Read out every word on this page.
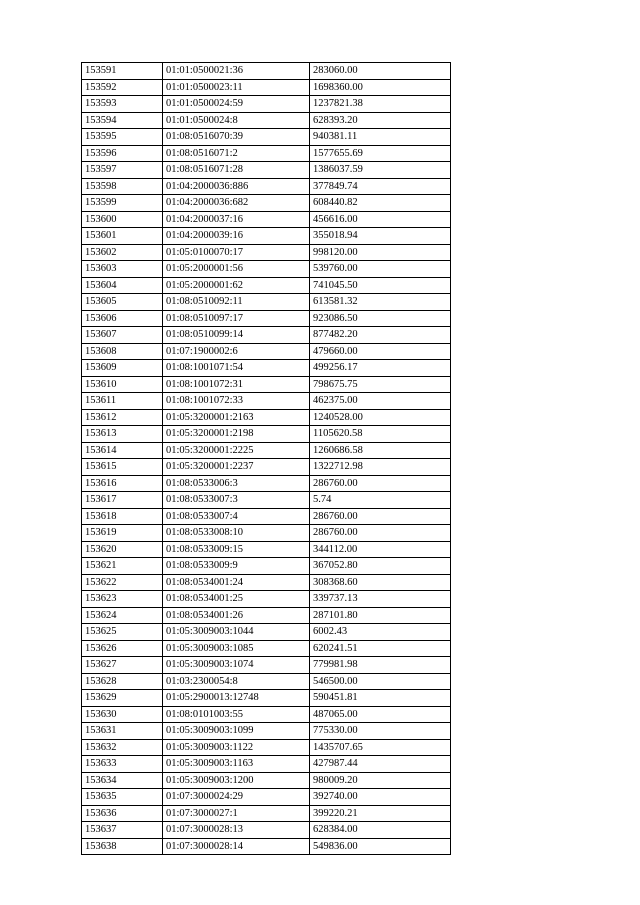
153591	01:01:0500021:36	283060.00
153592	01:01:0500023:11	1698360.00
153593	01:01:0500024:59	1237821.38
153594	01:01:0500024:8	628393.20
153595	01:08:0516070:39	940381.11
153596	01:08:0516071:2	1577655.69
153597	01:08:0516071:28	1386037.59
153598	01:04:2000036:886	377849.74
153599	01:04:2000036:682	608440.82
153600	01:04:2000037:16	456616.00
153601	01:04:2000039:16	355018.94
153602	01:05:0100070:17	998120.00
153603	01:05:2000001:56	539760.00
153604	01:05:2000001:62	741045.50
153605	01:08:0510092:11	613581.32
153606	01:08:0510097:17	923086.50
153607	01:08:0510099:14	877482.20
153608	01:07:1900002:6	479660.00
153609	01:08:1001071:54	499256.17
153610	01:08:1001072:31	798675.75
153611	01:08:1001072:33	462375.00
153612	01:05:3200001:2163	1240528.00
153613	01:05:3200001:2198	1105620.58
153614	01:05:3200001:2225	1260686.58
153615	01:05:3200001:2237	1322712.98
153616	01:08:0533006:3	286760.00
153617	01:08:0533007:3	5.74
153618	01:08:0533007:4	286760.00
153619	01:08:0533008:10	286760.00
153620	01:08:0533009:15	344112.00
153621	01:08:0533009:9	367052.80
153622	01:08:0534001:24	308368.60
153623	01:08:0534001:25	339737.13
153624	01:08:0534001:26	287101.80
153625	01:05:3009003:1044	6002.43
153626	01:05:3009003:1085	620241.51
153627	01:05:3009003:1074	779981.98
153628	01:03:2300054:8	546500.00
153629	01:05:2900013:12748	590451.81
153630	01:08:0101003:55	487065.00
153631	01:05:3009003:1099	775330.00
153632	01:05:3009003:1122	1435707.65
153633	01:05:3009003:1163	427987.44
153634	01:05:3009003:1200	980009.20
153635	01:07:3000024:29	392740.00
153636	01:07:3000027:1	399220.21
153637	01:07:3000028:13	628384.00
153638	01:07:3000028:14	549836.00
